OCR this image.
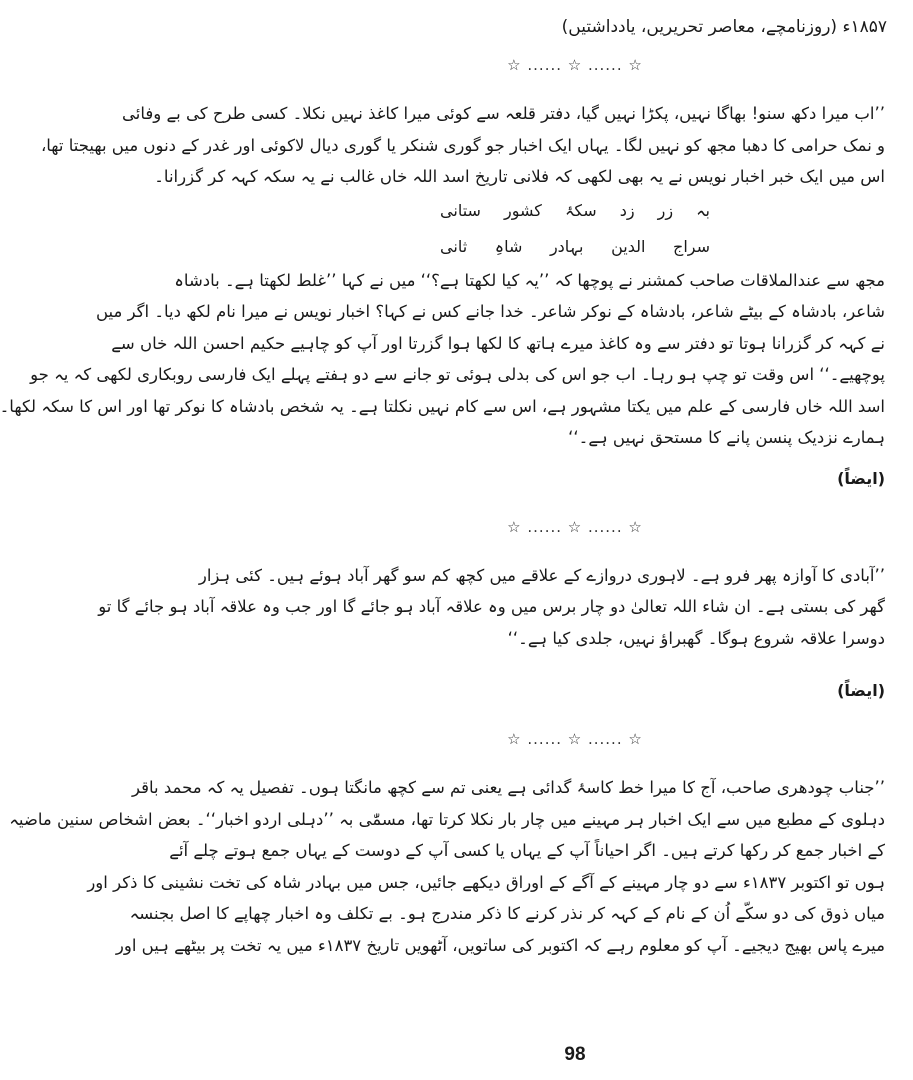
۱۸۵۷ء (روزنامچے، معاصر تحریریں، یادداشتیں)
☆ ...... ☆ ...... ☆
’’اب میرا دکھ سنو! بھاگا نہیں، پکڑا نہیں گیا، دفتر قلعہ سے کوئی میرا کاغذ نہیں نکلا۔ کسی طرح کی بے وفائی
و نمک حرامی کا دھبا مجھ کو نہیں لگا۔ یہاں ایک اخبار جو گوری شنکر یا گوری دیال لاکوئی اور غدر کے دنوں میں بھیجتا تھا،
اس میں ایک خبر اخبار نویس نے یہ بھی لکھی کہ فلانی تاریخ اسد اللہ خاں غالب نے یہ سکہ کہہ کر گزرانا۔
بہ
زر
زد
سکۂ
کشور
ستانی
سراج
الدین
بہادر
شاہِ
ثانی
مجھ سے عندالملاقات صاحب کمشنر نے پوچھا کہ ’’یہ کیا لکھتا ہے؟‘‘ میں نے کہا ’’غلط لکھتا ہے۔ بادشاہ
شاعر، بادشاہ کے بیٹے شاعر، بادشاہ کے نوکر شاعر۔ خدا جانے کس نے کہا؟ اخبار نویس نے میرا نام لکھ دیا۔ اگر میں
نے کہہ کر گزرانا ہوتا تو دفتر سے وہ کاغذ میرے ہاتھ کا لکھا ہوا گزرتا اور آپ کو چاہیے حکیم احسن اللہ خاں سے
پوچھیے۔‘‘ اس وقت تو چپ ہو رہا۔ اب جو اس کی بدلی ہوئی تو جانے سے دو ہفتے پہلے ایک فارسی روبکاری لکھی کہ یہ جو
اسد اللہ خاں فارسی کے علم میں یکتا مشہور ہے، اس سے کام نہیں نکلتا ہے۔ یہ شخص بادشاہ کا نوکر تھا اور اس کا سکہ لکھا۔
ہمارے نزدیک پنسن پانے کا مستحق نہیں ہے۔‘‘
(ایضاً)
☆ ...... ☆ ...... ☆
’’آبادی کا آوازہ پھر فرو ہے۔ لاہوری دروازے کے علاقے میں کچھ کم سو گھر آباد ہوئے ہیں۔ کئی ہزار
گھر کی بستی ہے۔ ان شاء اللہ تعالیٰ دو چار برس میں وہ علاقہ آباد ہو جائے گا اور جب وہ علاقہ آباد ہو جائے گا تو
دوسرا علاقہ شروع ہوگا۔ گھبراؤ نہیں، جلدی کیا ہے۔‘‘
(ایضاً)
☆ ...... ☆ ...... ☆
’’جناب چودھری صاحب، آج کا میرا خط کاسۂ گدائی ہے یعنی تم سے کچھ مانگتا ہوں۔ تفصیل یہ کہ محمد باقر
دہلوی کے مطبع میں سے ایک اخبار ہر مہینے میں چار بار نکلا کرتا تھا، مسمّٰی بہ ’’دہلی اردو اخبار‘‘۔ بعض اشخاص سنین ماضیہ
کے اخبار جمع کر رکھا کرتے ہیں۔ اگر احیاناً آپ کے یہاں یا کسی آپ کے دوست کے یہاں جمع ہوتے چلے آئے
ہوں تو اکتوبر ۱۸۳۷ء سے دو چار مہینے کے آگے کے اوراق دیکھے جائیں، جس میں بہادر شاہ کی تخت نشینی کا ذکر اور
میاں ذوق کی دو سکّے اُن کے نام کے کہہ کر نذر کرنے کا ذکر مندرج ہو۔ بے تکلف وہ اخبار چھاپے کا اصل بجنسہ
میرے پاس بھیج دیجیے۔ آپ کو معلوم رہے کہ اکتوبر کی ساتویں، آٹھویں تاریخ ۱۸۳۷ء میں یہ تخت پر بیٹھے ہیں اور
98
